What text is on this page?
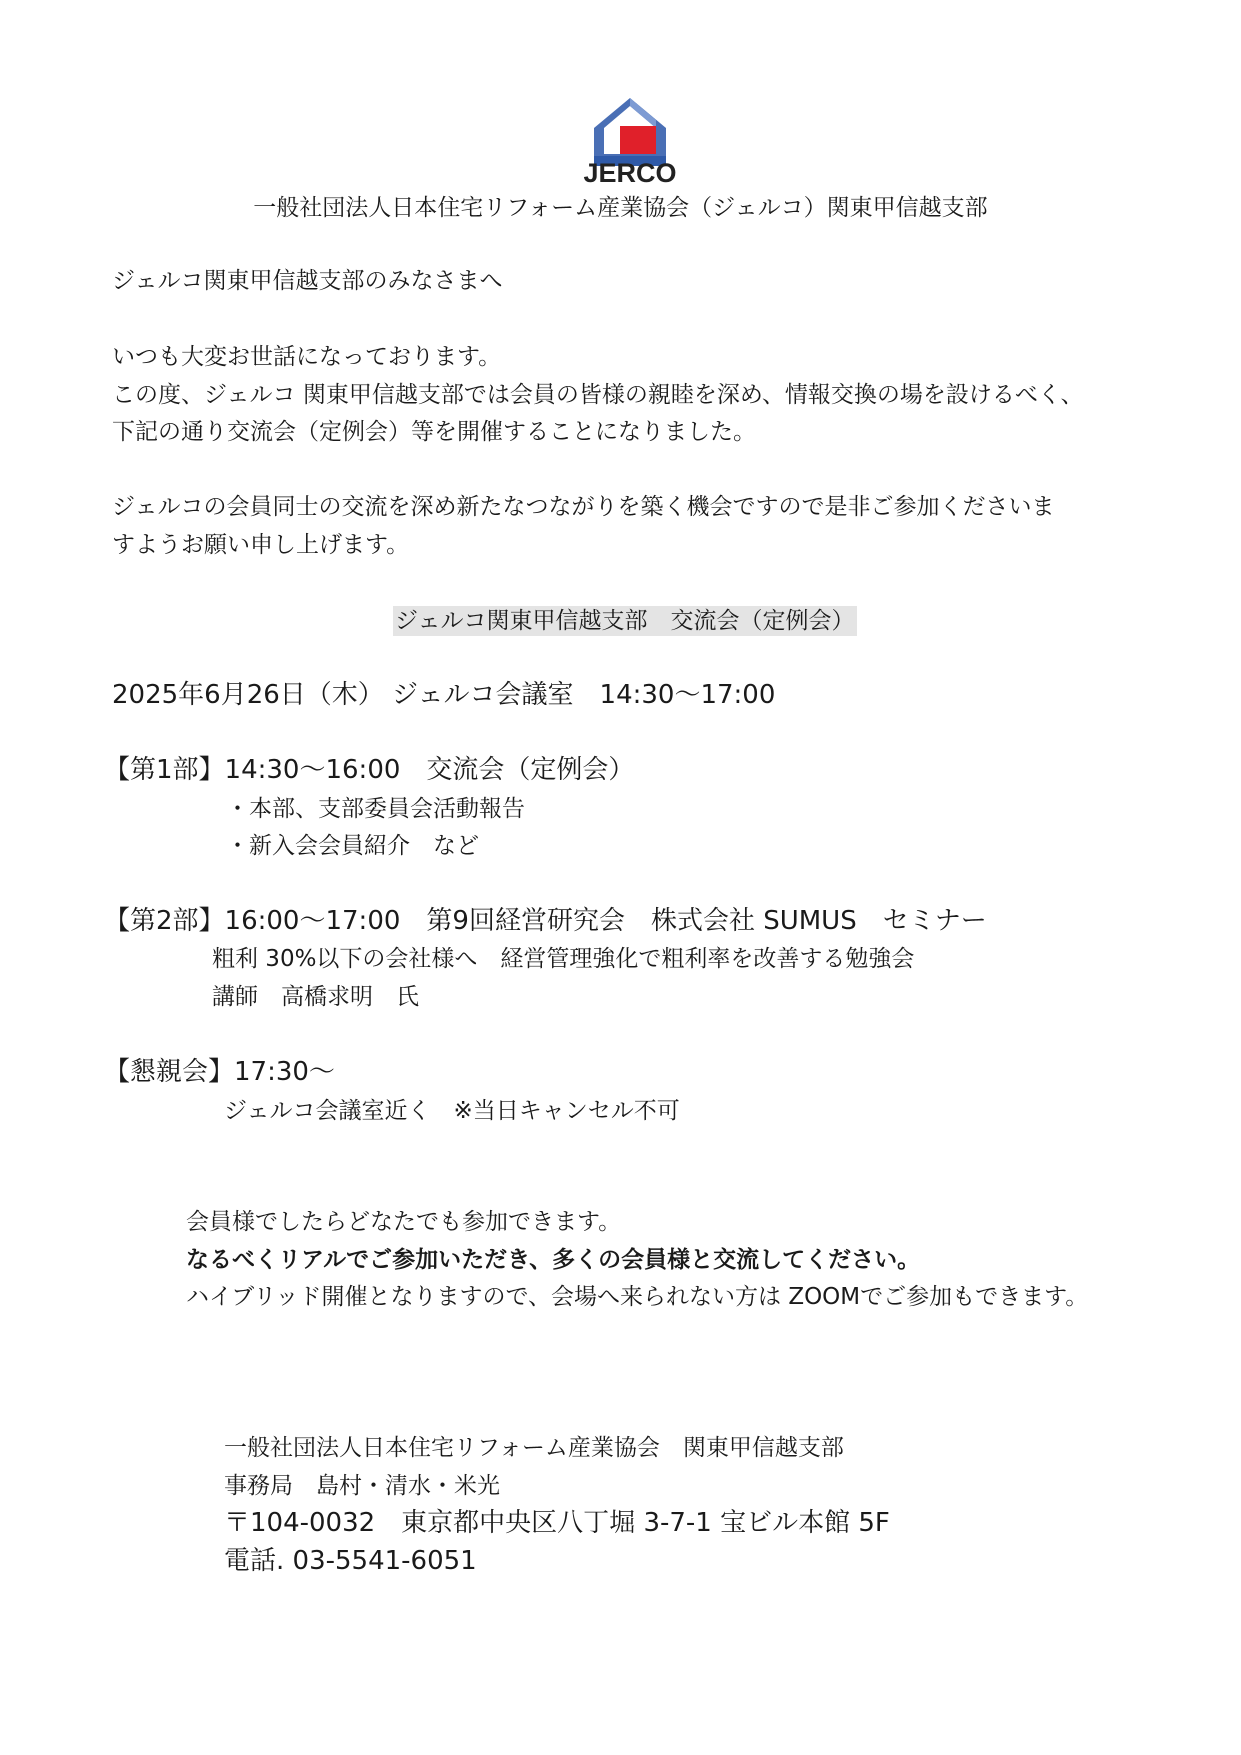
JERCO
一般社団法人日本住宅リフォーム産業協会（ジェルコ）関東甲信越支部
ジェルコ関東甲信越支部のみなさまへ
いつも大変お世話になっております。
この度、ジェルコ 関東甲信越支部では会員の皆様の親睦を深め、情報交換の場を設けるべく、
下記の通り交流会（定例会）等を開催することになりました。
ジェルコの会員同士の交流を深め新たなつながりを築く機会ですので是非ご参加くださいま
すようお願い申し上げます。
ジェルコ関東甲信越支部　交流会（定例会）
2025年6月26日（木） ジェルコ会議室　14:30～17:00
【第1部】14:30～16:00　交流会（定例会）
・本部、支部委員会活動報告
・新入会会員紹介　など
【第2部】16:00～17:00　第9回経営研究会　株式会社 SUMUS　セミナー
粗利 30%以下の会社様へ　経営管理強化で粗利率を改善する勉強会
講師　高橋求明　氏
【懇親会】17:30～
ジェルコ会議室近く　※当日キャンセル不可
会員様でしたらどなたでも参加できます。
なるべくリアルでご参加いただき、多くの会員様と交流してください。
ハイブリッド開催となりますので、会場へ来られない方は ZOOMでご参加もできます。
一般社団法人日本住宅リフォーム産業協会　関東甲信越支部
事務局　島村・清水・米光
〒104-0032　東京都中央区八丁堀 3-7-1 宝ビル本館 5F
電話. 03-5541-6051
